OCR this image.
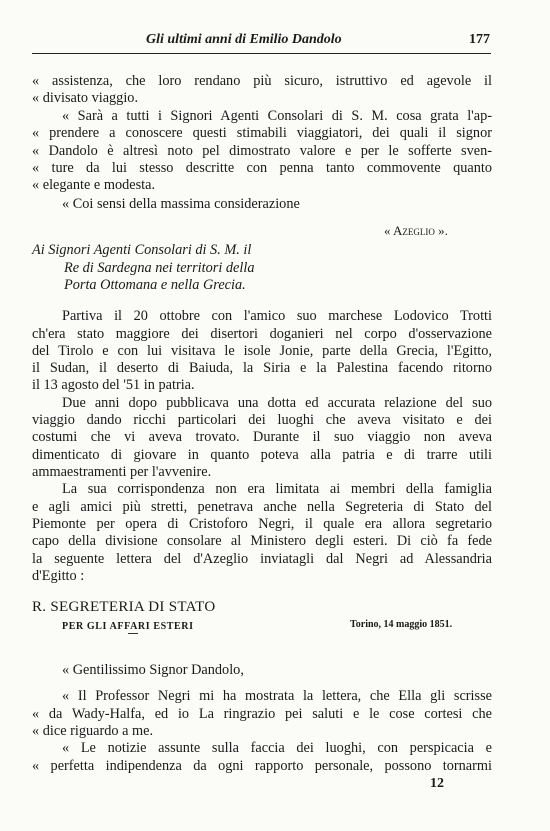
Gli ultimi anni di Emilio Dandolo	177
« assistenza, che loro rendano più sicuro, istruttivo ed agevole il
« divisato viaggio.
« Sarà a tutti i Signori Agenti Consolari di S. M. cosa grata l'ap-
« prendere a conoscere questi stimabili viaggiatori, dei quali il signor
« Dandolo è altresì noto pel dimostrato valore e per le sofferte sven-
« ture da lui stesso descritte con penna tanto commovente quanto
« elegante e modesta.
« Coi sensi della massima considerazione
« Azeglio ».
Ai Signori Agenti Consolari di S. M. il
Re di Sardegna nei territori della
Porta Ottomana e nella Grecia.
Partiva il 20 ottobre con l'amico suo marchese Lodovico Trotti
ch'era stato maggiore dei disertori doganieri nel corpo d'osservazione
del Tirolo e con lui visitava le isole Jonie, parte della Grecia, l'Egitto,
il Sudan, il deserto di Baiuda, la Siria e la Palestina facendo ritorno
il 13 agosto del '51 in patria.
Due anni dopo pubblicava una dotta ed accurata relazione del suo
viaggio dando ricchi particolari dei luoghi che aveva visitato e dei
costumi che vi aveva trovato. Durante il suo viaggio non aveva
dimenticato di giovare in quanto poteva alla patria e di trarre utili
ammaestramenti per l'avvenire.
La sua corrispondenza non era limitata ai membri della famiglia
e agli amici più stretti, penetrava anche nella Segreteria di Stato del
Piemonte per opera di Cristoforo Negri, il quale era allora segretario
capo della divisione consolare al Ministero degli esteri. Di ciò fa fede
la seguente lettera del d'Azeglio inviatagli dal Negri ad Alessandria
d'Egitto :
R. SEGRETERIA DI STATO
PER GLI AFFARI ESTERI	Torino, 14 maggio 1851.
« Gentilissimo Signor Dandolo,
« Il Professor Negri mi ha mostrata la lettera, che Ella gli scrisse
« da Wady-Halfa, ed io La ringrazio pei saluti e le cose cortesi che
« dice riguardo a me.
« Le notizie assunte sulla faccia dei luoghi, con perspicacia e
« perfetta indipendenza da ogni rapporto personale, possono tornarmi
12
